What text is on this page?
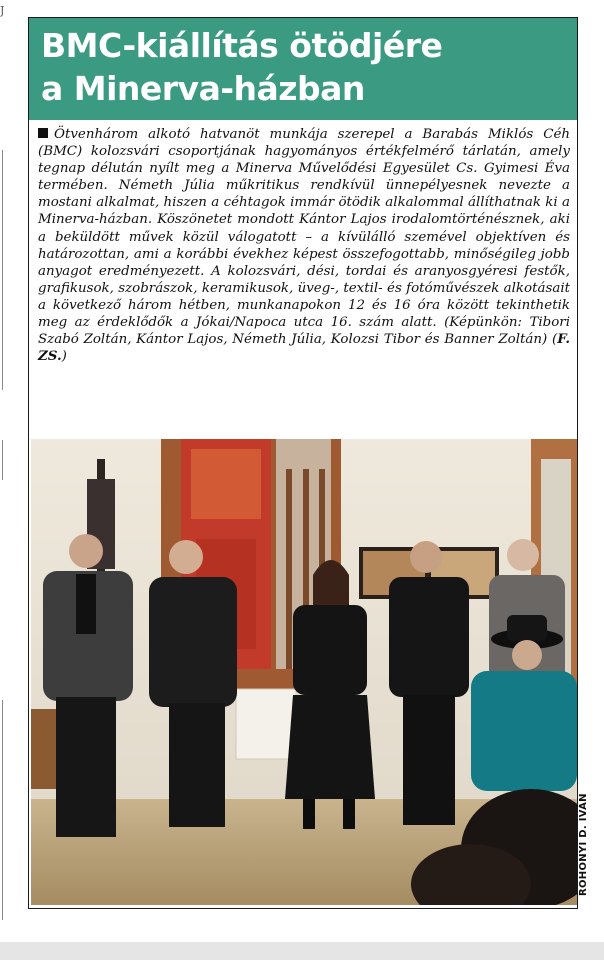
J
BMC-kiállítás ötödjére
a Minerva-házban

Ötvenhárom alkotó hatvanöt munkája szerepel a Barabás Miklós Céh (BMC) kolozsvári csoportjának hagyományos értékfelmérő tárlatán, amely tegnap délután nyílt meg a Minerva Művelődési Egyesület Cs. Gyimesi Éva termében. Németh Júlia műkritikus rendkívül ünnepélyesnek nevezte a mostani alkalmat, hiszen a céhtagok immár ötödik alkalommal állíthatnak ki a Minerva-házban. Köszönetet mondott Kántor Lajos irodalomtörténésznek, aki a beküldött művek közül válogatott – a kívülálló szemével objektíven és határozottan, ami a korábbi évekhez képest összefogottabb, minőségileg jobb anyagot eredményezett. A kolozsvári, dési, tordai és aranyosgyéresi festők, grafikusok, szobrászok, keramikusok, üveg-, textil- és fotóművészek alkotásait a következő három hétben, munkanapokon 12 és 16 óra között tekinthetik meg az érdeklődők a Jókai/Napoca utca 16. szám alatt. (Képünkön: Tibori Szabó Zoltán, Kántor Lajos, Németh Júlia, Kolozsi Tibor és Banner Zoltán) (F. ZS.)

ROHONYI D. IVÁN
